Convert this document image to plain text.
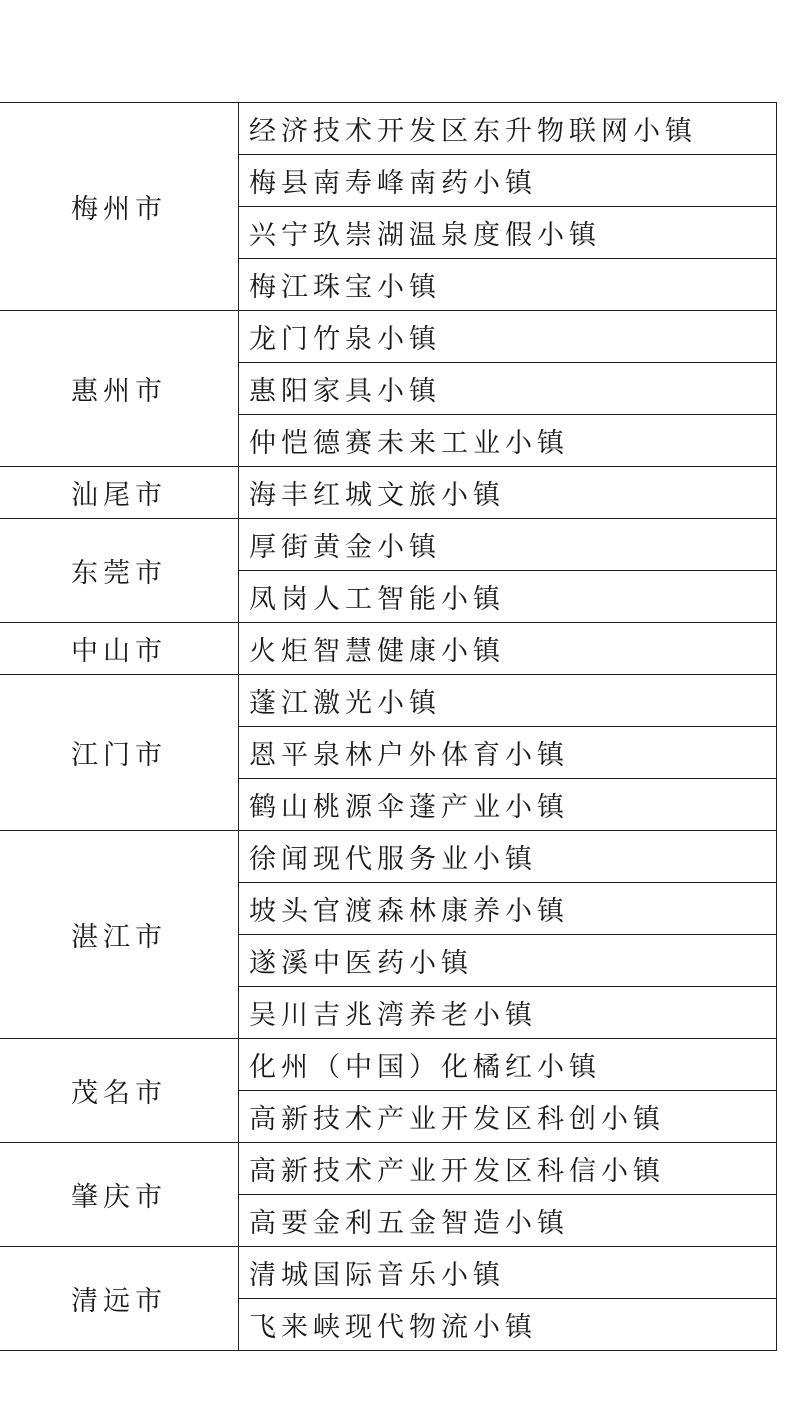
梅州市	经济技术开发区东升物联网小镇
	梅县南寿峰南药小镇
	兴宁玖崇湖温泉度假小镇
	梅江珠宝小镇
惠州市	龙门竹泉小镇
	惠阳家具小镇
	仲恺德赛未来工业小镇
汕尾市	海丰红城文旅小镇
东莞市	厚街黄金小镇
	凤岗人工智能小镇
中山市	火炬智慧健康小镇
江门市	蓬江激光小镇
	恩平泉林户外体育小镇
	鹤山桃源伞蓬产业小镇
湛江市	徐闻现代服务业小镇
	坡头官渡森林康养小镇
	遂溪中医药小镇
	吴川吉兆湾养老小镇
茂名市	化州（中国）化橘红小镇
	高新技术产业开发区科创小镇
肇庆市	高新技术产业开发区科信小镇
	高要金利五金智造小镇
清远市	清城国际音乐小镇
	飞来峡现代物流小镇
